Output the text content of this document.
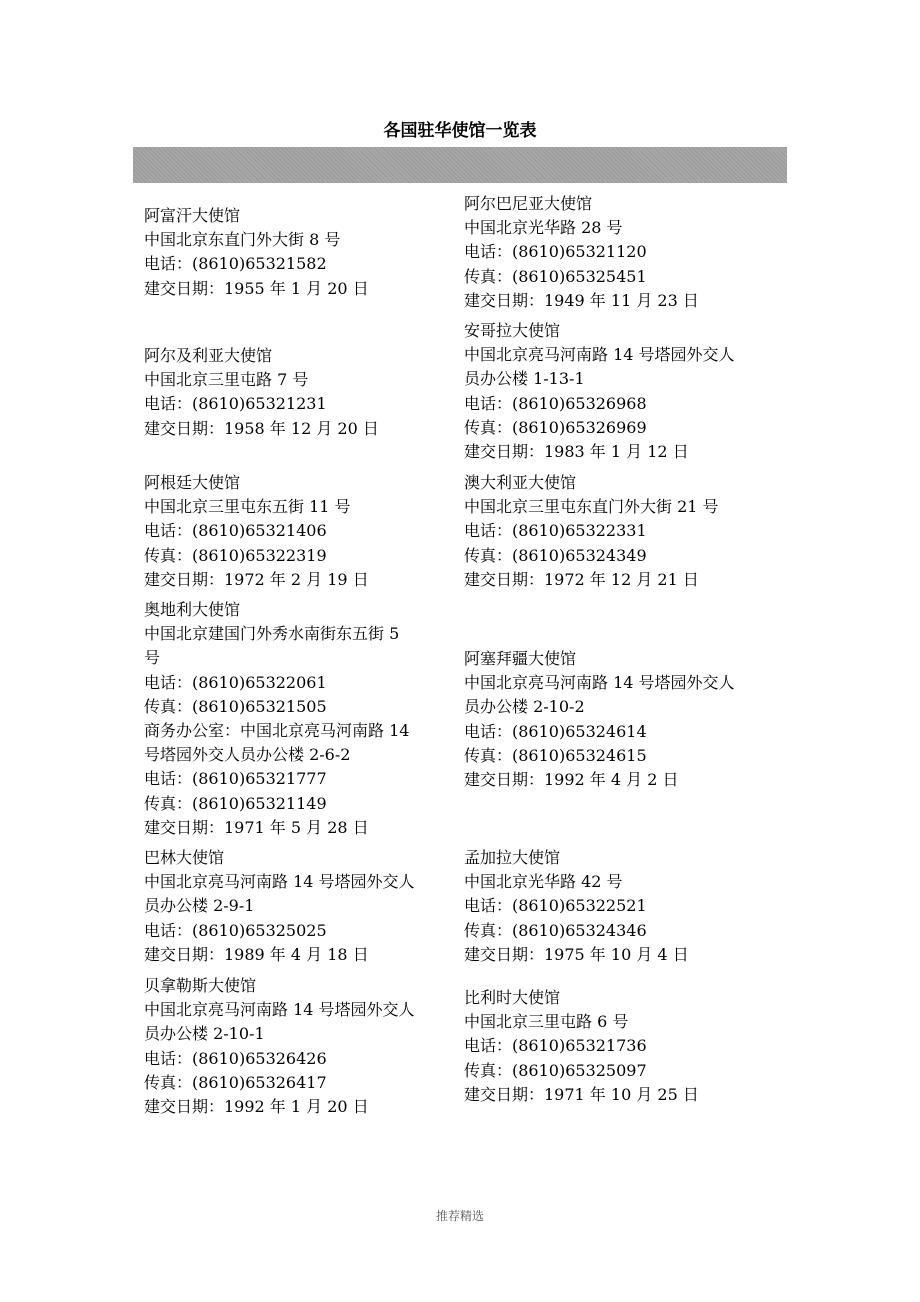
各国驻华使馆一览表
阿富汗大使馆
中国北京东直门外大街 8 号
电话：(8610)65321582
建交日期：1955 年 1 月 20 日
阿尔及利亚大使馆
中国北京三里屯路 7 号
电话：(8610)65321231
建交日期：1958 年 12 月 20 日
阿根廷大使馆
中国北京三里屯东五街 11 号
电话：(8610)65321406
传真：(8610)65322319
建交日期：1972 年 2 月 19 日
奥地利大使馆
中国北京建国门外秀水南街东五街 5
号
电话：(8610)65322061
传真：(8610)65321505
商务办公室：中国北京亮马河南路 14
号塔园外交人员办公楼 2-6-2
电话：(8610)65321777
传真：(8610)65321149
建交日期：1971 年 5 月 28 日
巴林大使馆
中国北京亮马河南路 14 号塔园外交人
员办公楼 2-9-1
电话：(8610)65325025
建交日期：1989 年 4 月 18 日
贝拿勒斯大使馆
中国北京亮马河南路 14 号塔园外交人
员办公楼 2-10-1
电话：(8610)65326426
传真：(8610)65326417
建交日期：1992 年 1 月 20 日
阿尔巴尼亚大使馆
中国北京光华路 28 号
电话：(8610)65321120
传真：(8610)65325451
建交日期：1949 年 11 月 23 日
安哥拉大使馆
中国北京亮马河南路 14 号塔园外交人
员办公楼 1-13-1
电话：(8610)65326968
传真：(8610)65326969
建交日期：1983 年 1 月 12 日
澳大利亚大使馆
中国北京三里屯东直门外大街 21 号
电话：(8610)65322331
传真：(8610)65324349
建交日期：1972 年 12 月 21 日
阿塞拜疆大使馆
中国北京亮马河南路 14 号塔园外交人
员办公楼 2-10-2
电话：(8610)65324614
传真：(8610)65324615
建交日期：1992 年 4 月 2 日
孟加拉大使馆
中国北京光华路 42 号
电话：(8610)65322521
传真：(8610)65324346
建交日期：1975 年 10 月 4 日
比利时大使馆
中国北京三里屯路 6 号
电话：(8610)65321736
传真：(8610)65325097
建交日期：1971 年 10 月 25 日
推荐精选
